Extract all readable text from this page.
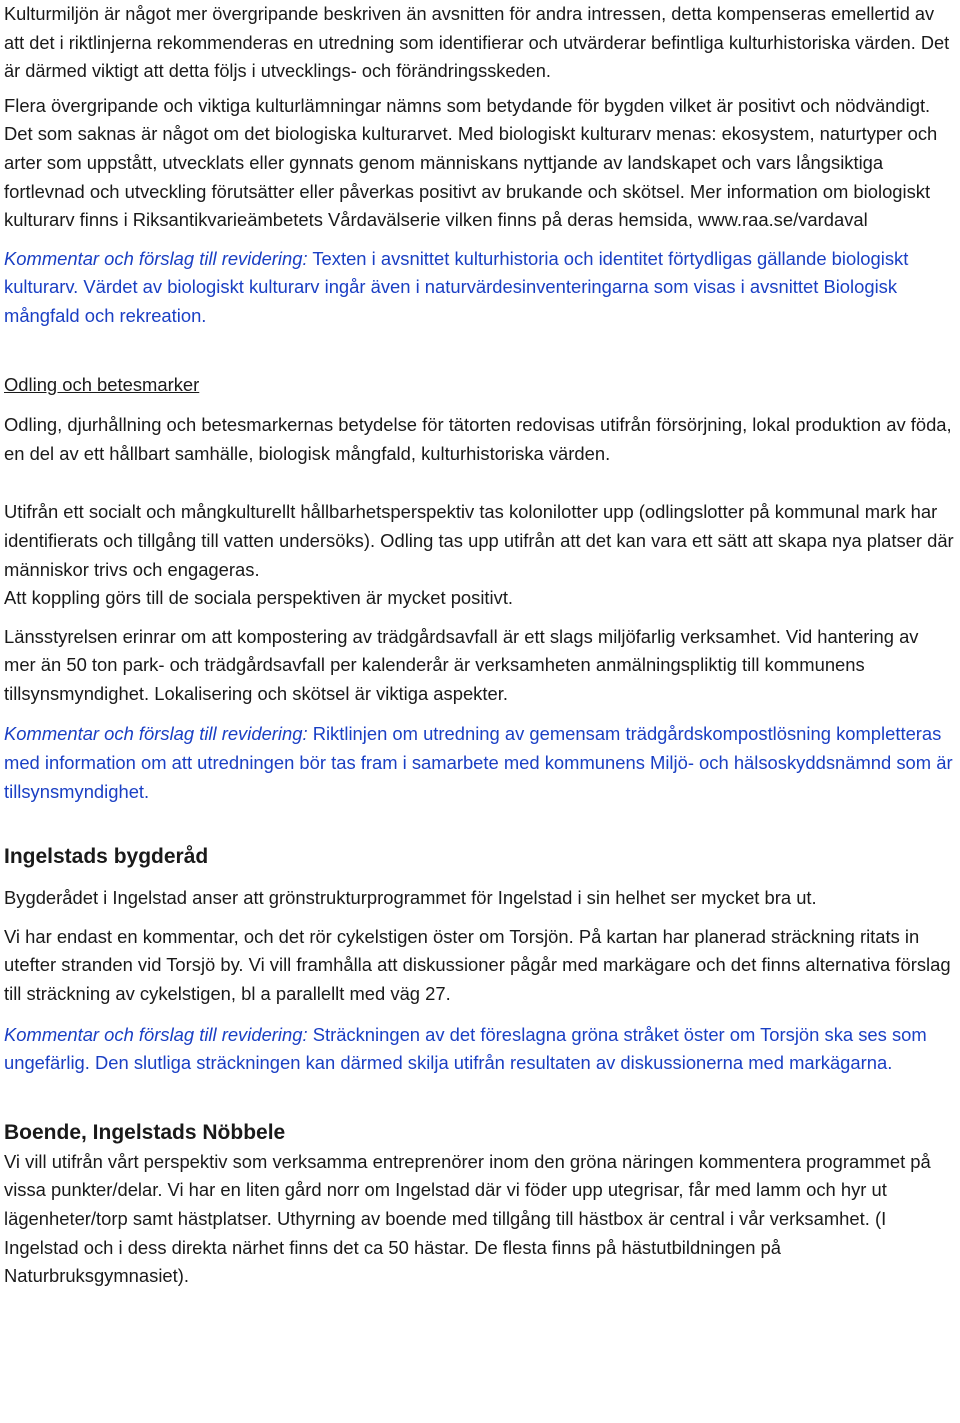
Kulturmiljön är något mer övergripande beskriven än avsnitten för andra intressen, detta kompenseras emellertid av att det i riktlinjerna rekommenderas en utredning som identifierar och utvärderar befintliga kulturhistoriska värden. Det är därmed viktigt att detta följs i utvecklings- och förändringsskeden.

Flera övergripande och viktiga kulturlämningar nämns som betydande för bygden vilket är positivt och nödvändigt. Det som saknas är något om det biologiska kulturarvet. Med biologiskt kulturarv menas: ekosystem, naturtyper och arter som uppstått, utvecklats eller gynnats genom människans nyttjande av landskapet och vars långsiktiga fortlevnad och utveckling förutsätter eller påverkas positivt av brukande och skötsel. Mer information om biologiskt kulturarv finns i Riksantikvarieämbetets Vårdavälserie vilken finns på deras hemsida, www.raa.se/vardaval

Kommentar och förslag till revidering: Texten i avsnittet kulturhistoria och identitet förtydligas gällande biologiskt kulturarv. Värdet av biologiskt kulturarv ingår även i naturvärdesinventeringarna som visas i avsnittet Biologisk mångfald och rekreation.

Odling och betesmarker

Odling, djurhållning och betesmarkernas betydelse för tätorten redovisas utifrån försörjning, lokal produktion av föda, en del av ett hållbart samhälle, biologisk mångfald, kulturhistoriska värden.

Utifrån ett socialt och mångkulturellt hållbarhetsperspektiv tas kolonilotter upp (odlingslotter på kommunal mark har identifierats och tillgång till vatten undersöks). Odling tas upp utifrån att det kan vara ett sätt att skapa nya platser där människor trivs och engageras.

Att koppling görs till de sociala perspektiven är mycket positivt.

Länsstyrelsen erinrar om att kompostering av trädgårdsavfall är ett slags miljöfarlig verksamhet. Vid hantering av mer än 50 ton park- och trädgårdsavfall per kalenderår är verksamheten anmälningspliktig till kommunens tillsynsmyndighet. Lokalisering och skötsel är viktiga aspekter.

Kommentar och förslag till revidering: Riktlinjen om utredning av gemensam trädgårdskompostlösning kompletteras med information om att utredningen bör tas fram i samarbete med kommunens Miljö- och hälsoskyddsnämnd som är tillsynsmyndighet.

Ingelstads bygderåd

Bygderådet i Ingelstad anser att grönstrukturprogrammet för Ingelstad i sin helhet ser mycket bra ut.

Vi har endast en kommentar, och det rör cykelstigen öster om Torsjön. På kartan har planerad sträckning ritats in utefter stranden vid Torsjö by. Vi vill framhålla att diskussioner pågår med markägare och det finns alternativa förslag till sträckning av cykelstigen, bl a parallellt med väg 27.

Kommentar och förslag till revidering: Sträckningen av det föreslagna gröna stråket öster om Torsjön ska ses som ungefärlig. Den slutliga sträckningen kan därmed skilja utifrån resultaten av diskussionerna med markägarna.

Boende, Ingelstads Nöbbele

Vi vill utifrån vårt perspektiv som verksamma entreprenörer inom den gröna näringen kommentera programmet på vissa punkter/delar. Vi har en liten gård norr om Ingelstad där vi föder upp utegrisar, får med lamm och hyr ut lägenheter/torp samt hästplatser. Uthyrning av boende med tillgång till hästbox är central i vår verksamhet. (I Ingelstad och i dess direkta närhet finns det ca 50 hästar. De flesta finns på hästutbildningen på Naturbruksgymnasiet).
